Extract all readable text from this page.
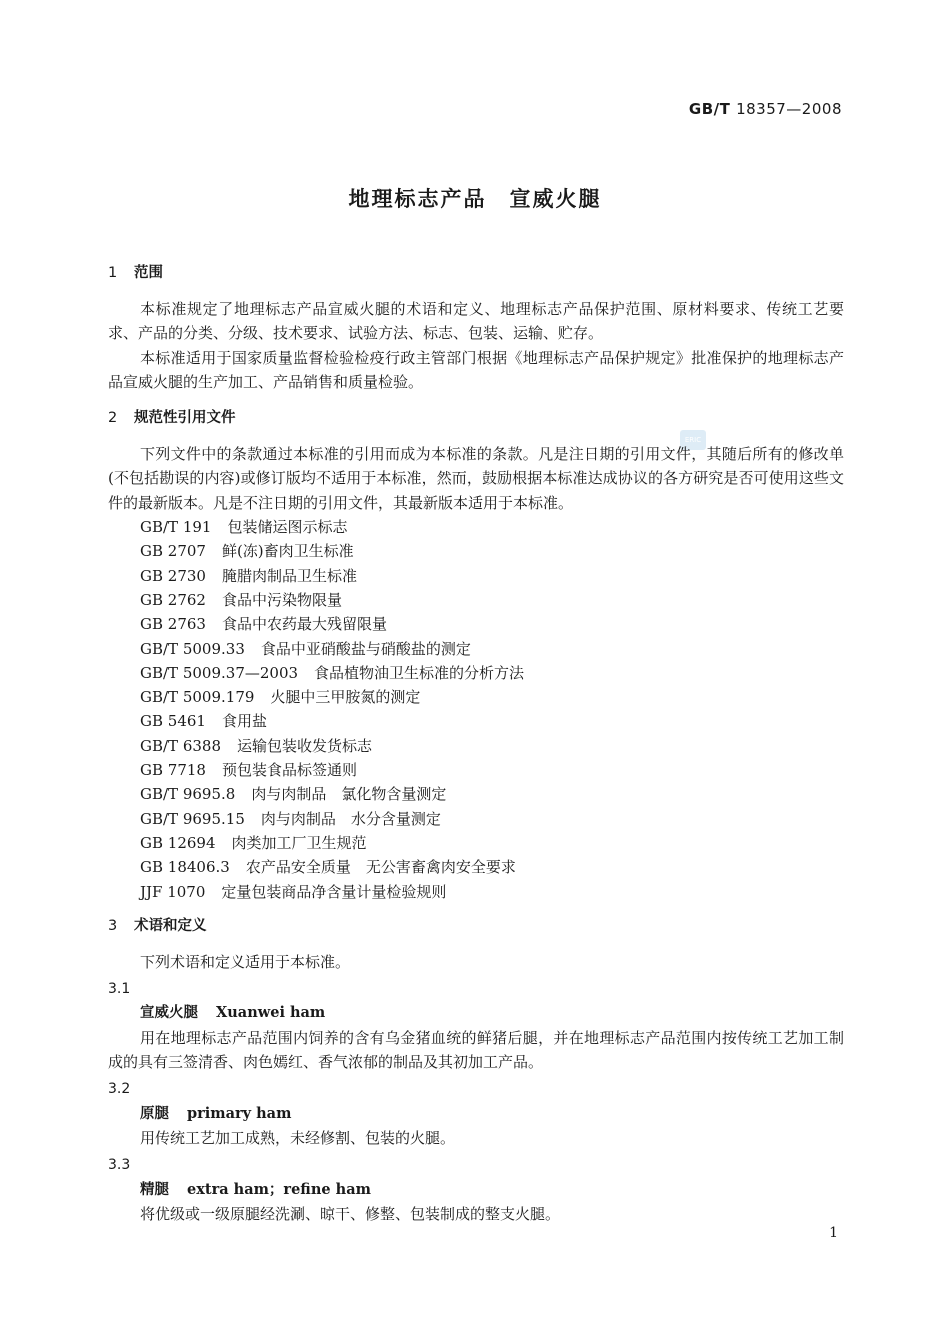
GB/T 18357—2008
地理标志产品　宣威火腿
ERIC
1 范围

本标准规定了地理标志产品宣威火腿的术语和定义、地理标志产品保护范围、原材料要求、传统工艺要求、产品的分类、分级、技术要求、试验方法、标志、包装、运输、贮存。

本标准适用于国家质量监督检验检疫行政主管部门根据《地理标志产品保护规定》批准保护的地理标志产品宣威火腿的生产加工、产品销售和质量检验。

2 规范性引用文件

下列文件中的条款通过本标准的引用而成为本标准的条款。凡是注日期的引用文件，其随后所有的修改单(不包括勘误的内容)或修订版均不适用于本标准，然而，鼓励根据本标准达成协议的各方研究是否可使用这些文件的最新版本。凡是不注日期的引用文件，其最新版本适用于本标准。

GB/T 191 包装储运图示标志
GB 2707 鲜(冻)畜肉卫生标准
GB 2730 腌腊肉制品卫生标准
GB 2762 食品中污染物限量
GB 2763 食品中农药最大残留限量
GB/T 5009.33 食品中亚硝酸盐与硝酸盐的测定
GB/T 5009.37—2003 食品植物油卫生标准的分析方法
GB/T 5009.179 火腿中三甲胺氮的测定
GB 5461 食用盐
GB/T 6388 运输包装收发货标志
GB 7718 预包装食品标签通则
GB/T 9695.8 肉与肉制品　氯化物含量测定
GB/T 9695.15 肉与肉制品　水分含量测定
GB 12694 肉类加工厂卫生规范
GB 18406.3 农产品安全质量　无公害畜禽肉安全要求
JJF 1070 定量包装商品净含量计量检验规则
3 术语和定义

下列术语和定义适用于本标准。

3.1
宣威火腿 Xuanwei ham
用在地理标志产品范围内饲养的含有乌金猪血统的鲜猪后腿，并在地理标志产品范围内按传统工艺加工制成的具有三签清香、肉色嫣红、香气浓郁的制品及其初加工产品。
3.2
原腿 primary ham
用传统工艺加工成熟，未经修割、包装的火腿。
3.3
精腿 extra ham；refine ham
将优级或一级原腿经洗涮、晾干、修整、包装制成的整支火腿。
1
